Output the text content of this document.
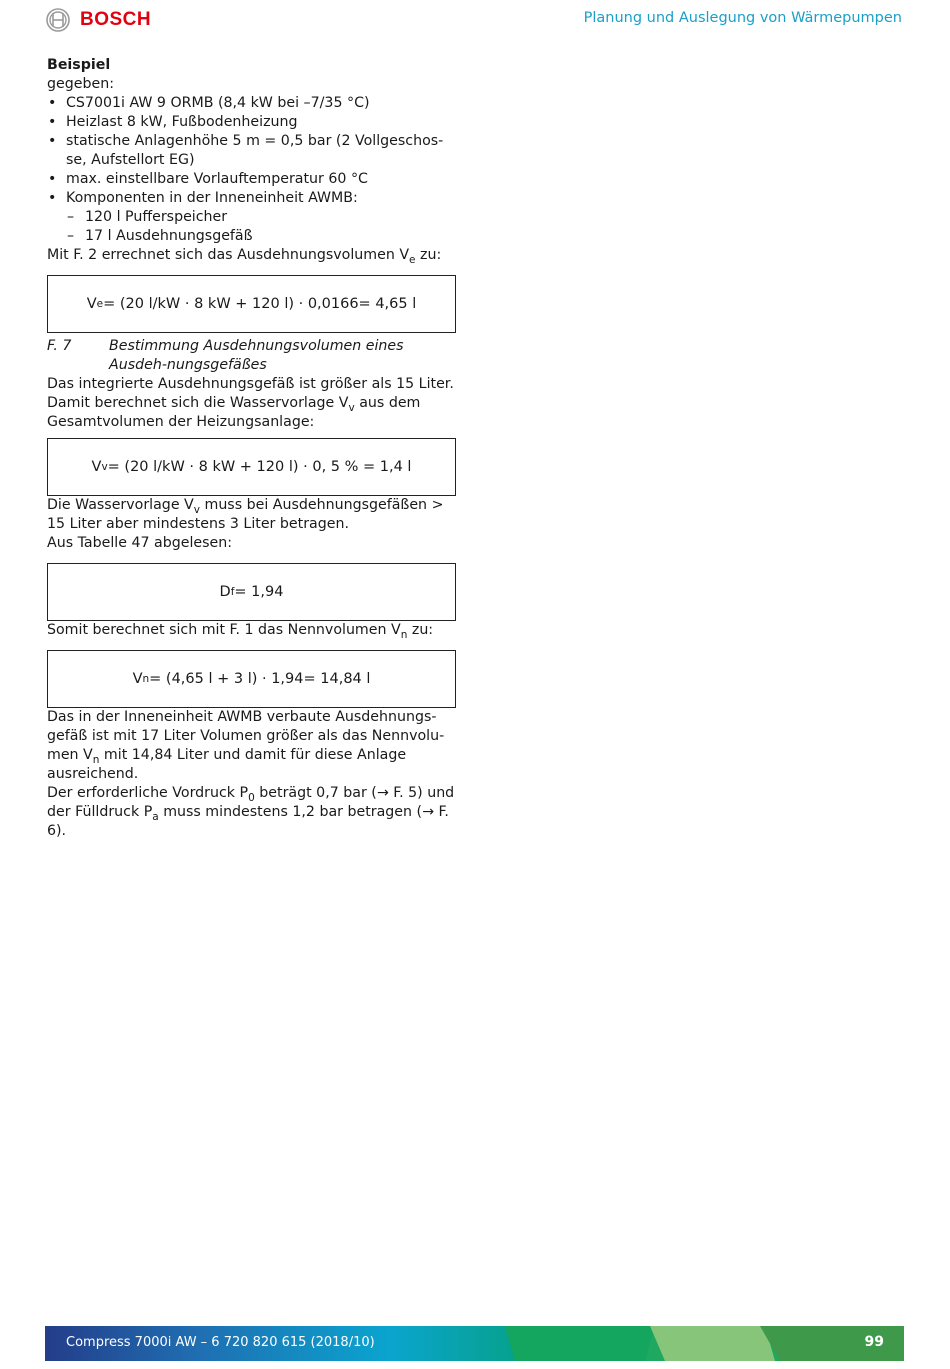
BOSCH	Planung und Auslegung von Wärmepumpen

Beispiel

gegeben:

• CS7001i AW 9 ORMB (8,4 kW bei –7/35 °C)
• Heizlast 8 kW, Fußbodenheizung
• statische Anlagenhöhe 5 m = 0,5 bar (2 Vollgeschos-se, Aufstellort EG)
• max. einstellbare Vorlauftemperatur 60 °C
• Komponenten in der Inneneinheit AWMB:
– 120 l Pufferspeicher
– 17 l Ausdehnungsgefäß

Mit F. 2 errechnet sich das Ausdehnungsvolumen $V_e$ zu:

V e = (20 l/kW · 8 kW + 120 l) · 0,0166= 4,65 l
F. 7	Bestimmung Ausdehnungsvolumen eines Ausdeh-nungsgefäßes

Das integrierte Ausdehnungsgefäß ist größer als 15 Liter. Damit berechnet sich die Wasservorlage $V_v$ aus dem Gesamtvolumen der Heizungsanlage:

V v = (20 l/kW · 8 kW + 120 l) · 0, 5 % = 1,4 l

Die Wasservorlage $V_v$ muss bei Ausdehnungsgefäßen > 15 Liter aber mindestens 3 Liter betragen.

Aus Tabelle 47 abgelesen:

D f = 1,94

Somit berechnet sich mit F. 1 das Nennvolumen $V_n$ zu:

V n = (4,65 l + 3 l) · 1,94= 14,84 l

Das in der Inneneinheit AWMB verbaute Ausdehnungs-gefäß ist mit 17 Liter Volumen größer als das Nennvolu-men $V_n$ mit 14,84 Liter und damit für diese Anlage ausreichend.

Der erforderliche Vordruck $P_0$ beträgt 0,7 bar (→ F. 5) und der Fülldruck $P_a$ muss mindestens 1,2 bar betragen (→ F. 6).

Compress 7000i AW – 6 720 820 615 (2018/10)	99
